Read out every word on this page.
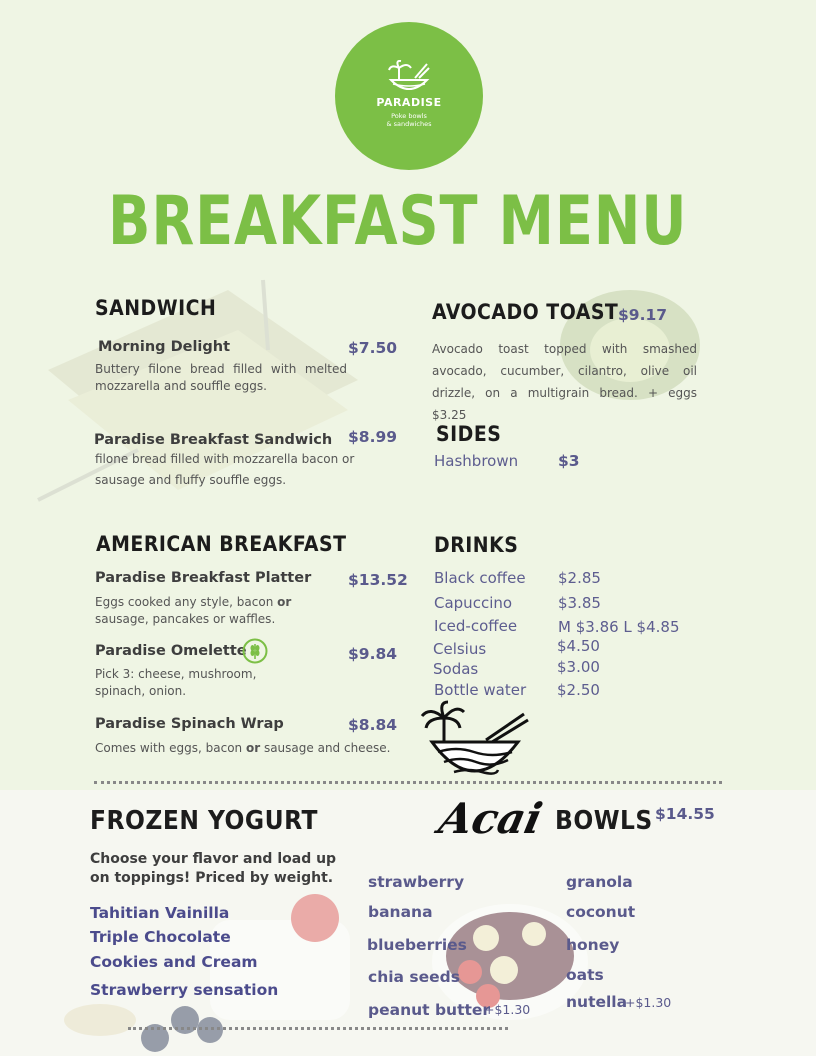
PARADISE
Poke bowls
& sandwiches
BREAKFAST MENU
SANDWICH
Morning Delight	$7.50
Buttery filone bread filled with melted mozzarella and souffle eggs.
Paradise Breakfast Sandwich $8.99
filone bread filled with mozzarella bacon or sausage and fluffy souffle eggs.
AVOCADO TOAST $9.17
Avocado toast topped with smashed avocado, cucumber, cilantro, olive oil drizzle, on a multigrain bread. + eggs $3.25
SIDES
Hashbrown	$3
AMERICAN BREAKFAST
Paradise Breakfast Platter $13.52
Eggs cooked any style, bacon or sausage, pancakes or waffles.
Paradise Omelette	$9.84
Pick 3: cheese, mushroom, spinach, onion.
Paradise Spinach Wrap	$8.84
Comes with eggs, bacon or sausage and cheese.
DRINKS
Black coffee $2.85
Capuccino	$3.85
Iced-coffee	M $3.86 L $4.85
Celsius	$4.50
Sodas	$3.00
Bottle water $2.50
FROZEN YOGURT
Choose your flavor and load up on toppings! Priced by weight.
Tahitian Vainilla
Triple Chocolate
Cookies and Cream
Strawberry sensation
Acai BOWLS $14.55
strawberry
banana
blueberries
chia seeds
peanut butter
+$1.30
granola
coconut
honey
oats
nutella
+$1.30
